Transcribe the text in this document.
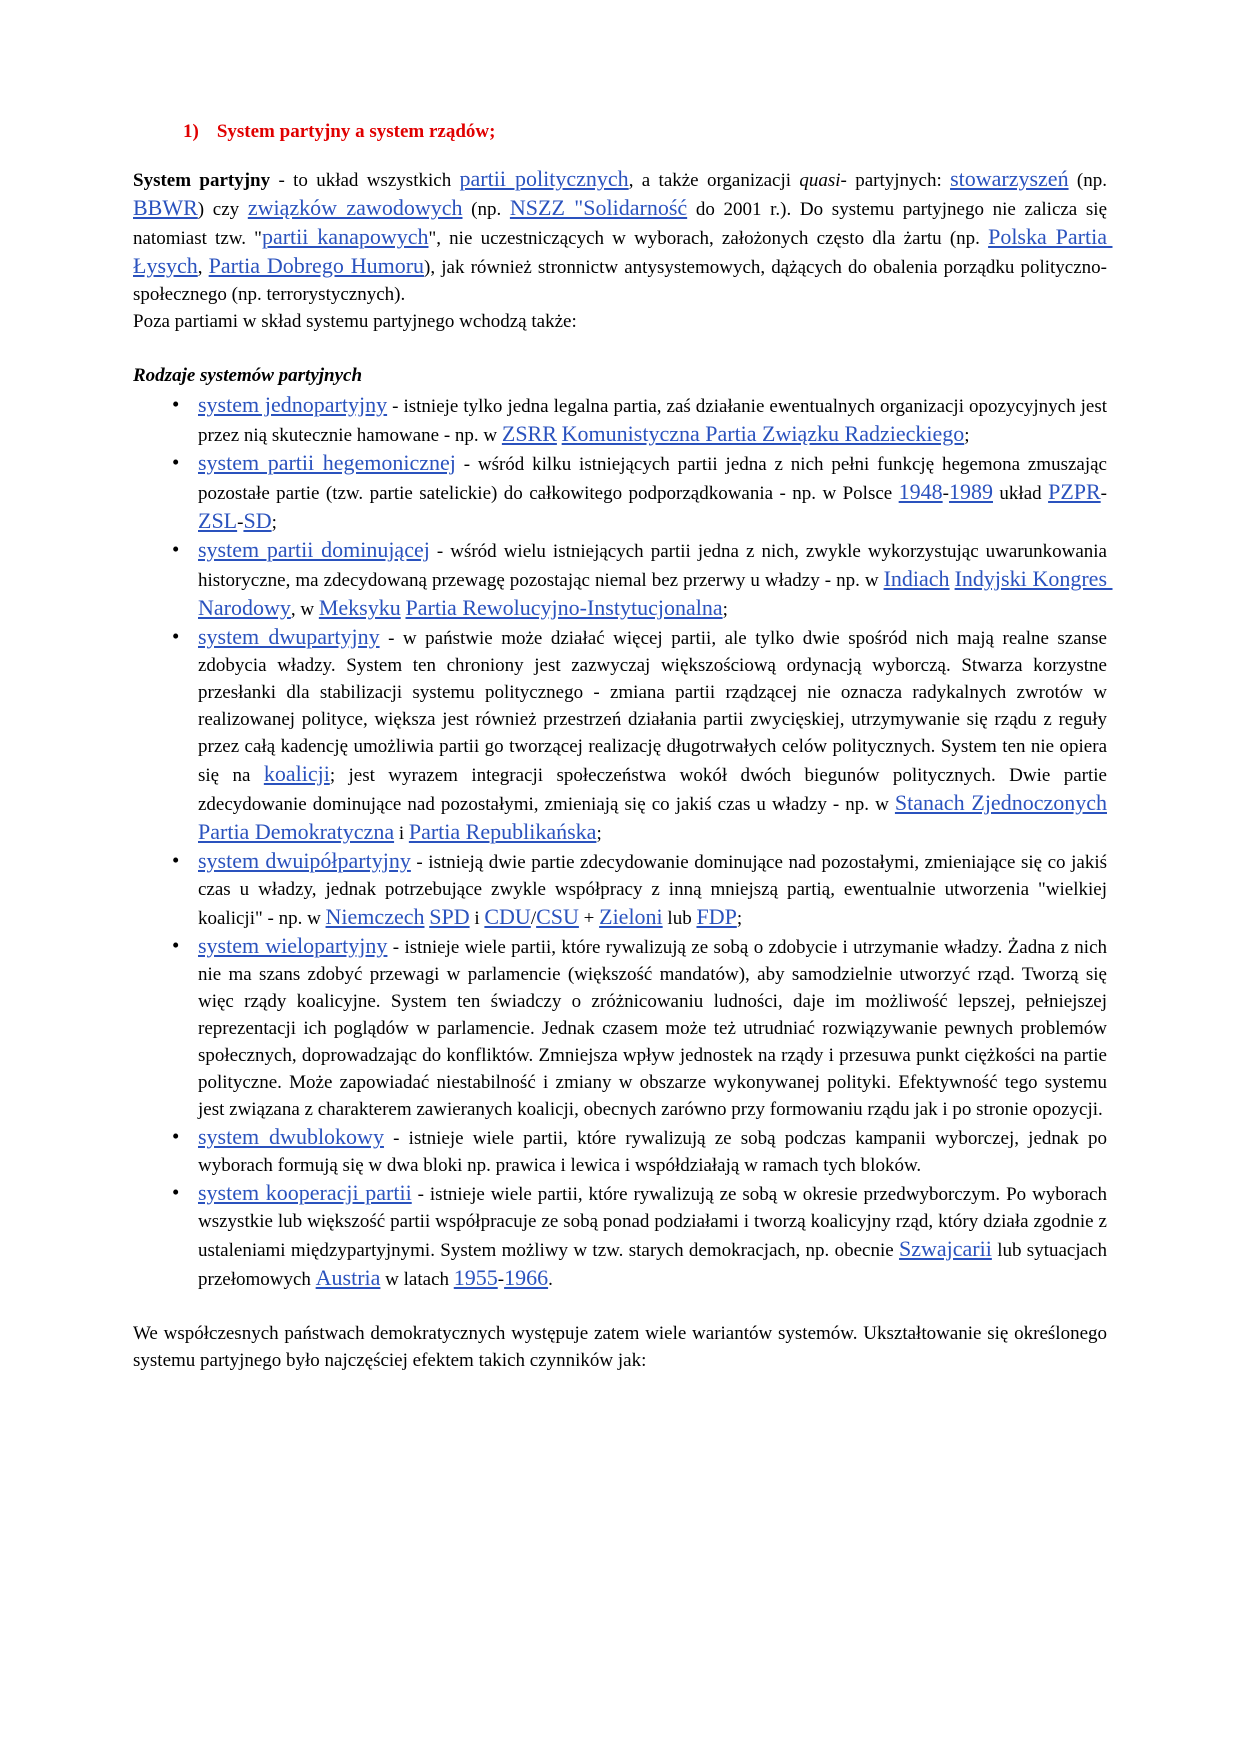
1) System partyjny a system rządów;

System partyjny - to układ wszystkich partii politycznych, a także organizacji quasi- partyjnych: stowarzyszeń (np. BBWR) czy związków zawodowych (np. NSZZ "Solidarność do 2001 r.). Do systemu partyjnego nie zalicza się natomiast tzw. "partii kanapowych", nie uczestniczących w wyborach, założonych często dla żartu (np. Polska Partia Łysych, Partia Dobrego Humoru), jak również stronnictw antysystemowych, dążących do obalenia porządku polityczno-społecznego (np. terrorystycznych).

Poza partiami w skład systemu partyjnego wchodzą także:

Rodzaje systemów partyjnych

• system jednopartyjny - istnieje tylko jedna legalna partia, zaś działanie ewentualnych organizacji opozycyjnych jest przez nią skutecznie hamowane - np. w ZSRR Komunistyczna Partia Związku Radzieckiego;
• system partii hegemonicznej - wśród kilku istniejących partii jedna z nich pełni funkcję hegemona zmuszając pozostałe partie (tzw. partie satelickie) do całkowitego podporządkowania - np. w Polsce 1948-1989 układ PZPR-ZSL-SD;
• system partii dominującej - wśród wielu istniejących partii jedna z nich, zwykle wykorzystując uwarunkowania historyczne, ma zdecydowaną przewagę pozostając niemal bez przerwy u władzy - np. w Indiach Indyjski Kongres Narodowy, w Meksyku Partia Rewolucyjno-Instytucjonalna;
• system dwupartyjny - w państwie może działać więcej partii, ale tylko dwie spośród nich mają realne szanse zdobycia władzy. System ten chroniony jest zazwyczaj większościową ordynacją wyborczą. Stwarza korzystne przesłanki dla stabilizacji systemu politycznego - zmiana partii rządzącej nie oznacza radykalnych zwrotów w realizowanej polityce, większa jest również przestrzeń działania partii zwycięskiej, utrzymywanie się rządu z reguły przez całą kadencję umożliwia partii go tworzącej realizację długotrwałych celów politycznych. System ten nie opiera się na koalicji; jest wyrazem integracji społeczeństwa wokół dwóch biegunów politycznych. Dwie partie zdecydowanie dominujące nad pozostałymi, zmieniają się co jakiś czas u władzy - np. w Stanach Zjednoczonych Partia Demokratyczna i Partia Republikańska;
• system dwuipółpartyjny - istnieją dwie partie zdecydowanie dominujące nad pozostałymi, zmieniające się co jakiś czas u władzy, jednak potrzebujące zwykle współpracy z inną mniejszą partią, ewentualnie utworzenia "wielkiej koalicji" - np. w Niemczech SPD i CDU/CSU + Zieloni lub FDP;
• system wielopartyjny - istnieje wiele partii, które rywalizują ze sobą o zdobycie i utrzymanie władzy. Żadna z nich nie ma szans zdobyć przewagi w parlamencie (większość mandatów), aby samodzielnie utworzyć rząd. Tworzą się więc rządy koalicyjne. System ten świadczy o zróżnicowaniu ludności, daje im możliwość lepszej, pełniejszej reprezentacji ich poglądów w parlamencie. Jednak czasem może też utrudniać rozwiązywanie pewnych problemów społecznych, doprowadzając do konfliktów. Zmniejsza wpływ jednostek na rządy i przesuwa punkt ciężkości na partie polityczne. Może zapowiadać niestabilność i zmiany w obszarze wykonywanej polityki. Efektywność tego systemu jest związana z charakterem zawieranych koalicji, obecnych zarówno przy formowaniu rządu jak i po stronie opozycji.
• system dwublokowy - istnieje wiele partii, które rywalizują ze sobą podczas kampanii wyborczej, jednak po wyborach formują się w dwa bloki np. prawica i lewica i współdziałają w ramach tych bloków.
• system kooperacji partii - istnieje wiele partii, które rywalizują ze sobą w okresie przedwyborczym. Po wyborach wszystkie lub większość partii współpracuje ze sobą ponad podziałami i tworzą koalicyjny rząd, który działa zgodnie z ustaleniami międzypartyjnymi. System możliwy w tzw. starych demokracjach, np. obecnie Szwajcarii lub sytuacjach przełomowych Austria w latach 1955-1966.

We współczesnych państwach demokratycznych występuje zatem wiele wariantów systemów. Ukształtowanie się określonego systemu partyjnego było najczęściej efektem takich czynników jak:
